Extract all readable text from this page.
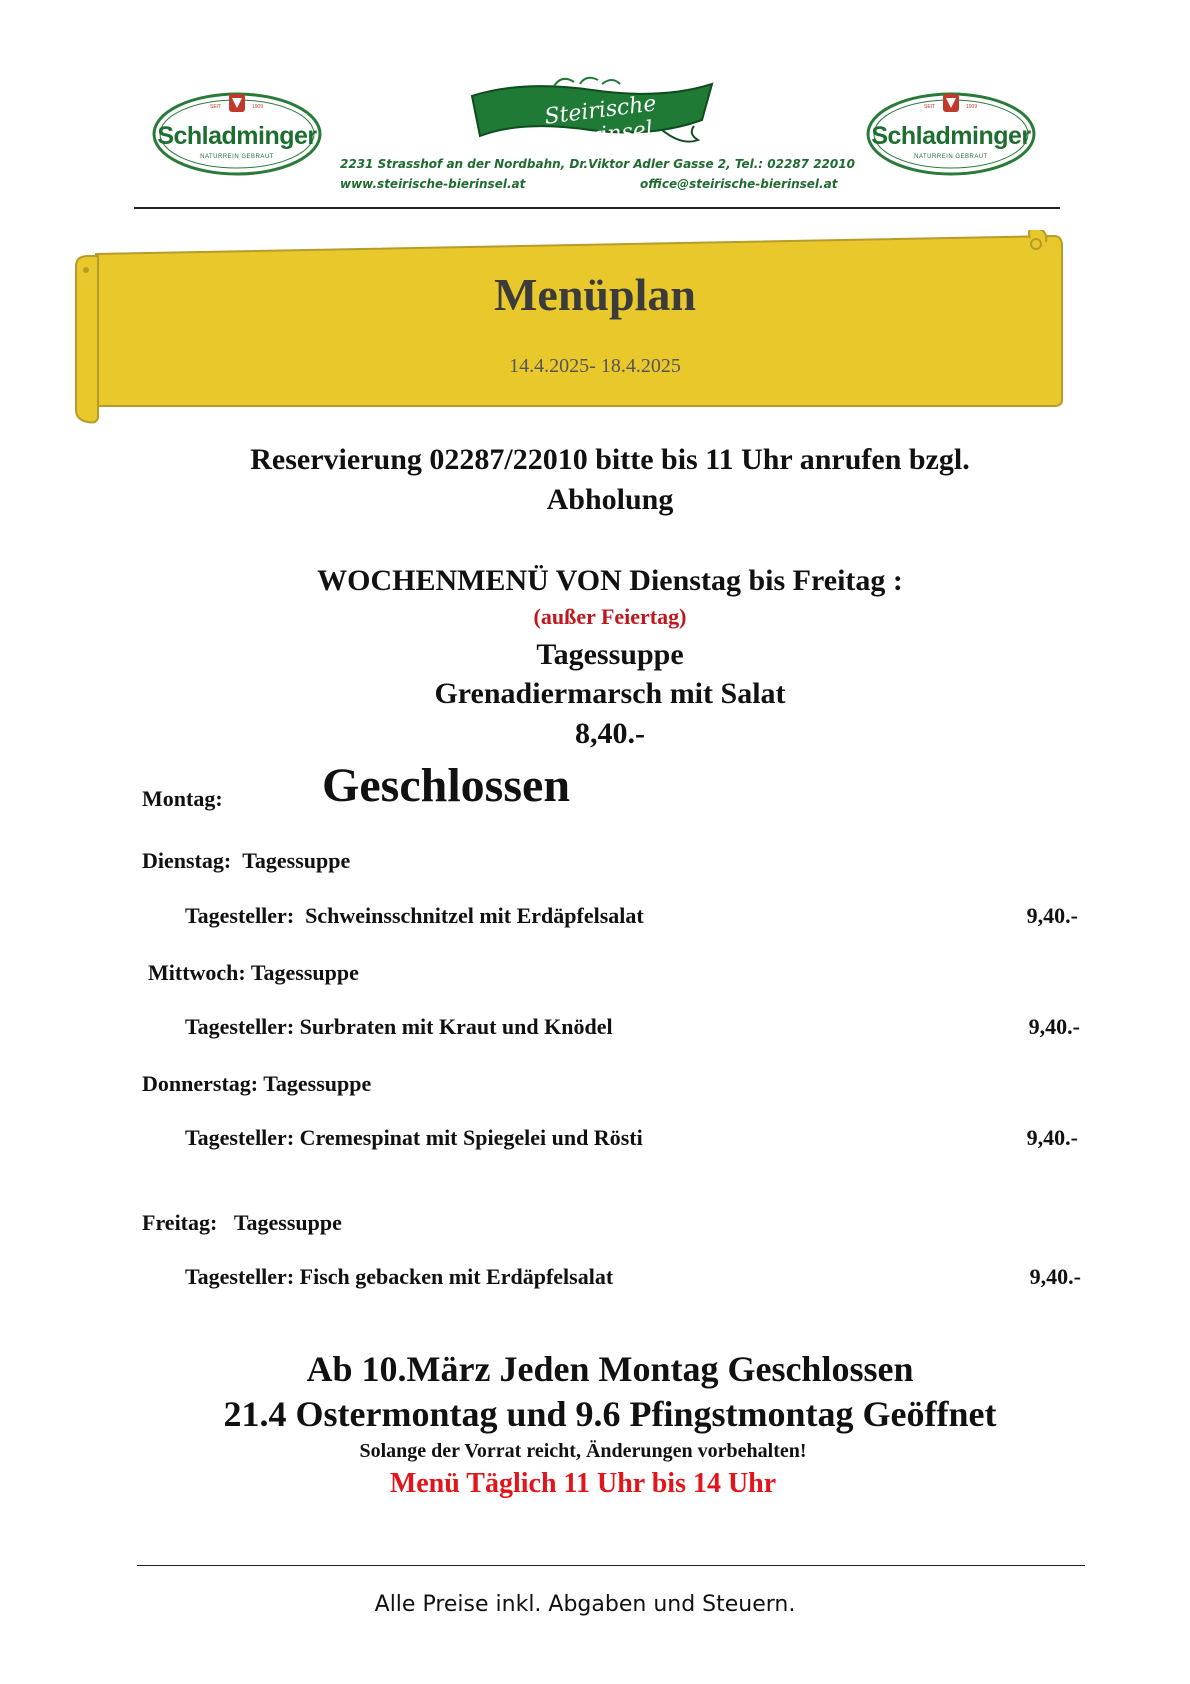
SEIT	1909
Schladminger
NATURREIN GEBRAUT
Steirische Bierinsel
SEIT	1909
Schladminger
NATURREIN GEBRAUT
2231 Strasshof an der Nordbahn, Dr.Viktor Adler Gasse 2, Tel.: 02287 22010
www.steirische-bierinsel.at	office@steirische-bierinsel.at
Menüplan
14.4.2025- 18.4.2025
Reservierung 02287/22010 bitte bis 11 Uhr anrufen bzgl.
Abholung
WOCHENMENÜ VON Dienstag bis Freitag :
(außer Feiertag)
Tagessuppe
Grenadiermarsch mit Salat
8,40.-
Montag: Geschlossen
Dienstag: Tagessuppe
Tagesteller: Schweinsschnitzel mit Erdäpfelsalat	9,40.-
Mittwoch: Tagessuppe
Tagesteller: Surbraten mit Kraut und Knödel	9,40.-
Donnerstag: Tagessuppe
Tagesteller: Cremespinat mit Spiegelei und Rösti	9,40.-
Freitag: Tagessuppe
Tagesteller: Fisch gebacken mit Erdäpfelsalat	9,40.-
Ab 10.März Jeden Montag Geschlossen
21.4 Ostermontag und 9.6 Pfingstmontag Geöffnet
Solange der Vorrat reicht, Änderungen vorbehalten!
Menü Täglich 11 Uhr bis 14 Uhr
Alle Preise inkl. Abgaben und Steuern.
